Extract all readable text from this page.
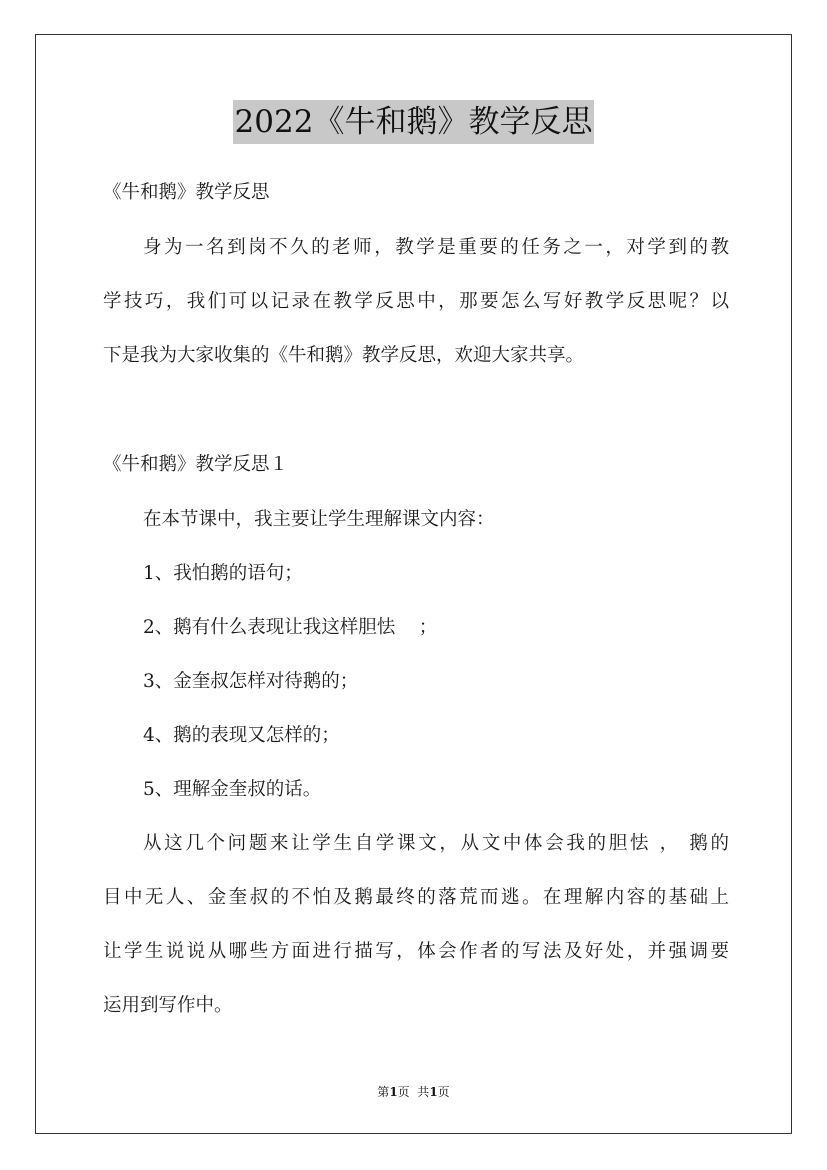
2022《牛和鹅》教学反思
《牛和鹅》教学反思
身为一名到岗不久的老师，教学是重要的任务之一，对学到的教
学技巧，我们可以记录在教学反思中，那要怎么写好教学反思呢？以
下是我为大家收集的《牛和鹅》教学反思，欢迎大家共享。
《牛和鹅》教学反思１
在本节课中，我主要让学生理解课文内容：
1、我怕鹅的语句；
2、鹅有什么表现让我这样胆怯    ；
3、金奎叔怎样对待鹅的；
4、鹅的表现又怎样的；
5、理解金奎叔的话。
从这几个问题来让学生自学课文，从文中体会我的胆怯 ， 鹅的
目中无人、金奎叔的不怕及鹅最终的落荒而逃。在理解内容的基础上
让学生说说从哪些方面进行描写，体会作者的写法及好处，并强调要
运用到写作中。
第1页  共1页
